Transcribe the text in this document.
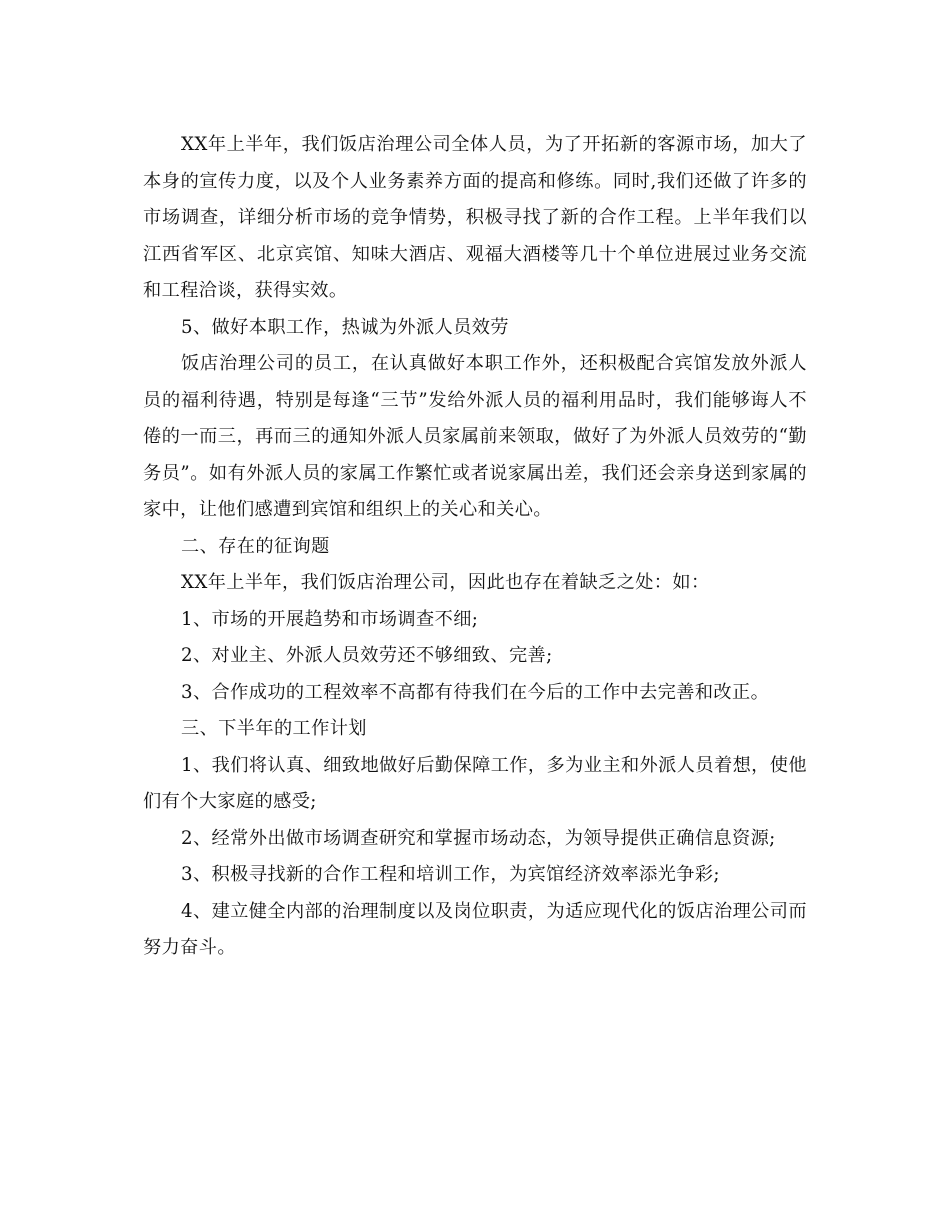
XX年上半年，我们饭店治理公司全体人员，为了开拓新的客源市场，加大了本身的宣传力度，以及个人业务素养方面的提高和修练。同时,我们还做了许多的市场调查，详细分析市场的竞争情势，积极寻找了新的合作工程。上半年我们以江西省军区、北京宾馆、知味大酒店、观福大酒楼等几十个单位进展过业务交流和工程洽谈，获得实效。

5、做好本职工作，热诚为外派人员效劳

饭店治理公司的员工，在认真做好本职工作外，还积极配合宾馆发放外派人员的福利待遇，特别是每逢“三节”发给外派人员的福利用品时，我们能够诲人不倦的一而三，再而三的通知外派人员家属前来领取，做好了为外派人员效劳的“勤务员”。如有外派人员的家属工作繁忙或者说家属出差，我们还会亲身送到家属的家中，让他们感遭到宾馆和组织上的关心和关心。

二、存在的征询题

XX年上半年，我们饭店治理公司，因此也存在着缺乏之处：如：

1、市场的开展趋势和市场调查不细;

2、对业主、外派人员效劳还不够细致、完善;

3、合作成功的工程效率不高都有待我们在今后的工作中去完善和改正。

三、下半年的工作计划

1、我们将认真、细致地做好后勤保障工作，多为业主和外派人员着想，使他们有个大家庭的感受;

2、经常外出做市场调查研究和掌握市场动态，为领导提供正确信息资源;

3、积极寻找新的合作工程和培训工作，为宾馆经济效率添光争彩;

4、建立健全内部的治理制度以及岗位职责，为适应现代化的饭店治理公司而努力奋斗。
